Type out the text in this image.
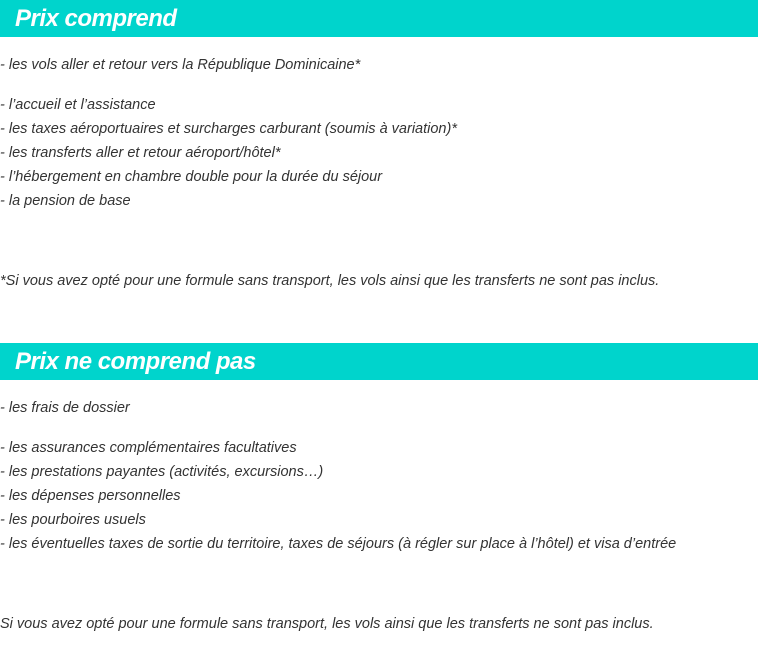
Prix comprend
- les vols aller et retour vers la République Dominicaine*
- l’accueil et l’assistance
- les taxes aéroportuaires et surcharges carburant (soumis à variation)*
- les transferts aller et retour aéroport/hôtel*
- l’hébergement en chambre double pour la durée du séjour
- la pension de base
*Si vous avez opté pour une formule sans transport, les vols ainsi que les transferts ne sont pas inclus.
Prix ne comprend pas
- les frais de dossier
- les assurances complémentaires facultatives
- les prestations payantes (activités, excursions…)
- les dépenses personnelles
- les pourboires usuels
- les éventuelles taxes de sortie du territoire, taxes de séjours (à régler sur place à l’hôtel) et visa d’entrée
Si vous avez opté pour une formule sans transport, les vols ainsi que les transferts ne sont pas inclus.
